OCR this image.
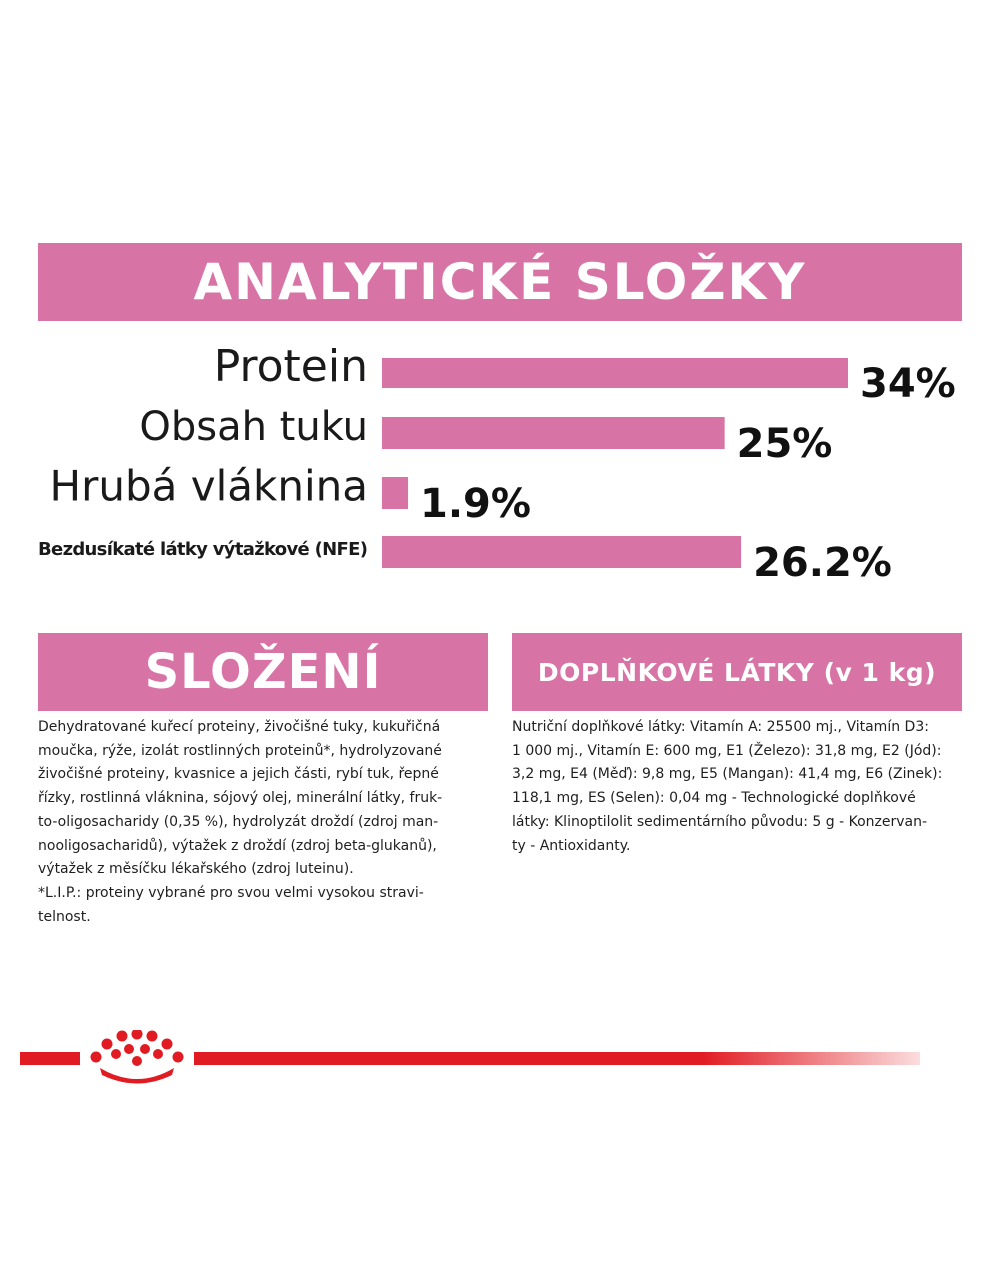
ANALYTICKÉ SLOŽKY
Protein	34%
Obsah tuku	25%
Hrubá vláknina 1.9%
Bezdusíkaté látky výtažkové (NFE)	26.2%
SLOŽENÍ
Dehydratované kuřecí proteiny, živočišné tuky, kukuřičná
moučka, rýže, izolát rostlinných proteinů*, hydrolyzované
živočišné proteiny, kvasnice a jejich části, rybí tuk, řepné
řízky, rostlinná vláknina, sójový olej, minerální látky, fruk-
to-oligosacharidy (0,35 %), hydrolyzát droždí (zdroj man-
nooligosacharidů), výtažek z droždí (zdroj beta-glukanů),
výtažek z měsíčku lékařského (zdroj luteinu).
*L.I.P.: proteiny vybrané pro svou velmi vysokou stravi-
telnost.
DOPLŇKOVÉ LÁTKY (v 1 kg)
Nutriční doplňkové látky: Vitamín A: 25500 mj., Vitamín D3:
1 000 mj., Vitamín E: 600 mg, E1 (Železo): 31,8 mg, E2 (Jód):
3,2 mg, E4 (Měď): 9,8 mg, E5 (Mangan): 41,4 mg, E6 (Zinek):
118,1 mg, ES (Selen): 0,04 mg - Technologické doplňkové
látky: Klinoptilolit sedimentárního původu: 5 g - Konzervan-
ty - Antioxidanty.
